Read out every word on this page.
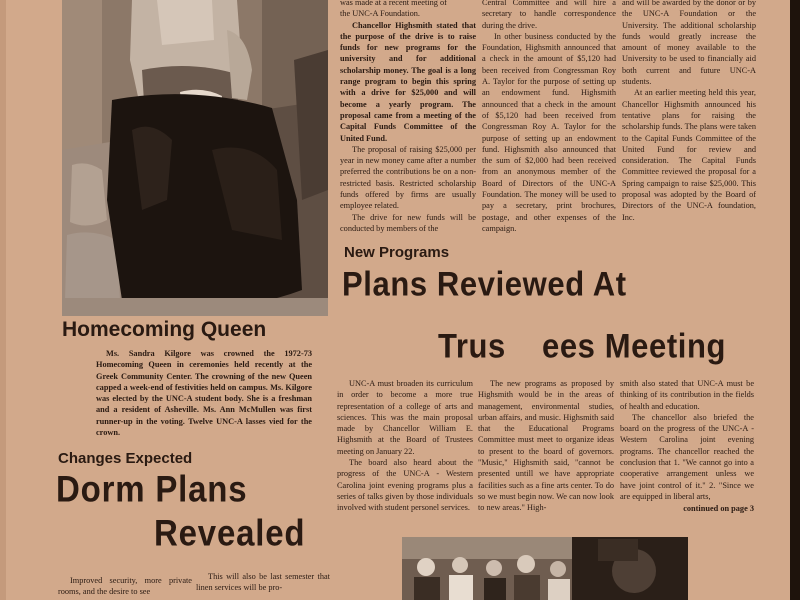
was made at a recent meeting of

the UNC-A Foundation.

Chancellor Highsmith stated that the purpose of the drive is to raise funds for new programs for the university and for additional scholarship money. The goal is a long range program to begin this spring with a drive for $25,000 and will become a yearly program. The proposal came from a meeting of the Capital Funds Committee of the United Fund.

The proposal of raising $25,000 per year in new money came after a number preferred the contributions be on a non-restricted basis. Restricted scholarship funds offered by firms are usually employee related.

The drive for new funds will be conducted by members of the

Central Committee and will hire a secretary to handle correspondence during the drive.

In other business conducted by the Foundation, Highsmith announced that a check in the amount of $5,120 had been received from Congressman Roy A. Taylor for the purpose of setting up an endowment fund. Highsmith announced that a check in the amount of $5,120 had been received from Congressman Roy A. Taylor for the purpose of setting up an endowment fund. Highsmith also announced that the sum of $2,000 had been received from an anonymous member of the Board of Directors of the UNC-A Foundation. The money will be used to pay a secretary, print brochures, postage, and other expenses of the campaign.

and will be awarded by the donor or by the UNC-A Foundation or the University. The additional scholarship funds would greatly increase the amount of money available to the University to be used to financially aid both current and future UNC-A students.

At an earlier meeting held this year, Chancellor Highsmith announced his tentative plans for raising the scholarship funds. The plans were taken to the Capital Funds Committee of the United Fund for review and consideration. The Capital Funds Committee reviewed the proposal for a Spring campaign to raise $25,000. This proposal was adopted by the Board of Directors of the UNC-A foundation, Inc.

New Programs
Plans Reviewed At
Trus ees Meeting

UNC-A must broaden its curriculum in order to become a more true representation of a college of arts and sciences. This was the main proposal made by Chancellor William E. Highsmith at the Board of Trustees meeting on January 22.

The board also heard about the progress of the UNC-A - Western Carolina joint evening programs plus a series of talks given by those individuals involved with student personel services.

The new programs as proposed by Highsmith would be in the areas of management, environmental studies, urban affairs, and music. Highsmith said that the Educational Programs Committee must meet to organize ideas to present to the board of governors. "Music," Highsmith said, "cannot be presented untill we have appropriate facilities such as a fine arts center. To do so we must begin now. We can now look to new areas." High-

smith also stated that UNC-A must be thinking of its contribution in the fields of health and education.

The chancellor also briefed the board on the progress of the UNC-A - Western Carolina joint evening programs. The chancellor reached the conclusion that 1. "We cannot go into a cooperative arrangement unless we have joint control of it." 2. "Since we are equipped in liberal arts,

continued on page 3
Homecoming Queen

Ms. Sandra Kilgore was crowned the 1972-73 Homecoming Queen in ceremonies held recently at the Greek Community Center. The crowning of the new Queen capped a week-end of festivities held on campus. Ms. Kilgore was elected by the UNC-A student body. She is a freshman and a resident of Asheville. Ms. Ann McMullen was first runner-up in the voting. Twelve UNC-A lasses vied for the crown.

Changes Expected
Dorm Plans
Revealed

Improved security, more private rooms, and the desire to see

This will also be last semester that linen services will be pro-
